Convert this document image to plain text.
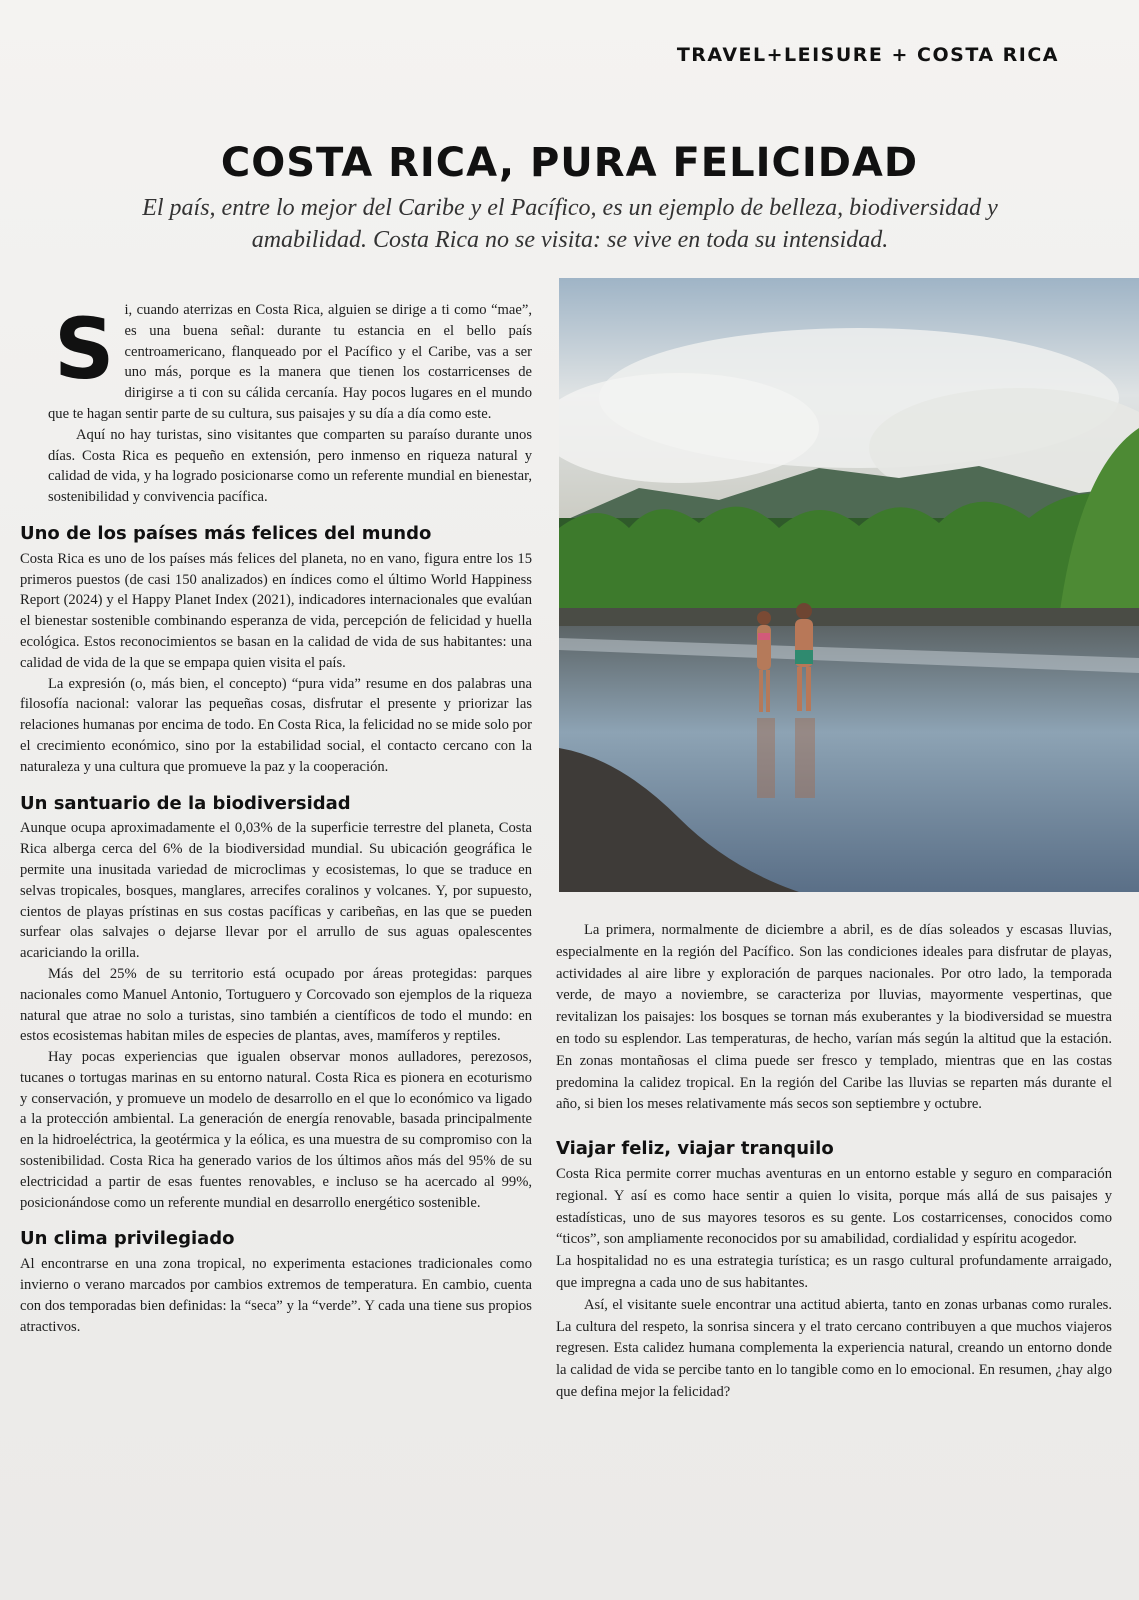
TRAVEL+LEISURE + COSTA RICA
COSTA RICA, PURA FELICIDAD

El país, entre lo mejor del Caribe y el Pacífico, es un ejemplo de belleza, biodiversidad y amabilidad. Costa Rica no se visita: se vive en toda su intensidad.

S i, cuando aterrizas en Costa Rica, alguien se dirige a ti como “mae”, es una buena señal: durante tu estancia en el bello país centroamericano, flanqueado por el Pacífico y el Caribe, vas a ser uno más, porque es la manera que tienen los costarricenses de dirigirse a ti con su cálida cercanía. Hay pocos lugares en el mundo que te hagan sentir parte de su cultura, sus paisajes y su día a día como este.

Aquí no hay turistas, sino visitantes que comparten su paraíso durante unos días. Costa Rica es pequeño en extensión, pero inmenso en riqueza natural y calidad de vida, y ha logrado posicionarse como un referente mundial en bienestar, sostenibilidad y convivencia pacífica.

Uno de los países más felices del mundo

Costa Rica es uno de los países más felices del planeta, no en vano, figura entre los 15 primeros puestos (de casi 150 analizados) en índices como el último World Happiness Report (2024) y el Happy Planet Index (2021), indicadores internacionales que evalúan el bienestar sostenible combinando esperanza de vida, percepción de felicidad y huella ecológica. Estos reconocimientos se basan en la calidad de vida de sus habitantes: una calidad de vida de la que se empapa quien visita el país.

La expresión (o, más bien, el concepto) “pura vida” resume en dos palabras una filosofía nacional: valorar las pequeñas cosas, disfrutar el presente y priorizar las relaciones humanas por encima de todo. En Costa Rica, la felicidad no se mide solo por el crecimiento económico, sino por la estabilidad social, el contacto cercano con la naturaleza y una cultura que promueve la paz y la cooperación.

Un santuario de la biodiversidad

Aunque ocupa aproximadamente el 0,03% de la superficie terrestre del planeta, Costa Rica alberga cerca del 6% de la biodiversidad mundial. Su ubicación geográfica le permite una inusitada variedad de microclimas y ecosistemas, lo que se traduce en selvas tropicales, bosques, manglares, arrecifes coralinos y volcanes. Y, por supuesto, cientos de playas prístinas en sus costas pacíficas y caribeñas, en las que se pueden surfear olas salvajes o dejarse llevar por el arrullo de sus aguas opalescentes acariciando la orilla.

Más del 25% de su territorio está ocupado por áreas protegidas: parques nacionales como Manuel Antonio, Tortuguero y Corcovado son ejemplos de la riqueza natural que atrae no solo a turistas, sino también a científicos de todo el mundo: en estos ecosistemas habitan miles de especies de plantas, aves, mamíferos y reptiles.

Hay pocas experiencias que igualen observar monos aulladores, perezosos, tucanes o tortugas marinas en su entorno natural. Costa Rica es pionera en ecoturismo y conservación, y promueve un modelo de desarrollo en el que lo económico va ligado a la protección ambiental. La generación de energía renovable, basada principalmente en la hidroeléctrica, la geotérmica y la eólica, es una muestra de su compromiso con la sostenibilidad. Costa Rica ha generado varios de los últimos años más del 95% de su electricidad a partir de esas fuentes renovables, e incluso se ha acercado al 99%, posicionándose como un referente mundial en desarrollo energético sostenible.

Un clima privilegiado

Al encontrarse en una zona tropical, no experimenta estaciones tradicionales como invierno o verano marcados por cambios extremos de temperatura. En cambio, cuenta con dos temporadas bien definidas: la “seca” y la “verde”. Y cada una tiene sus propios atractivos.

La primera, normalmente de diciembre a abril, es de días soleados y escasas lluvias, especialmente en la región del Pacífico. Son las condiciones ideales para disfrutar de playas, actividades al aire libre y exploración de parques nacionales. Por otro lado, la temporada verde, de mayo a noviembre, se caracteriza por lluvias, mayormente vespertinas, que revitalizan los paisajes: los bosques se tornan más exuberantes y la biodiversidad se muestra en todo su esplendor. Las temperaturas, de hecho, varían más según la altitud que la estación. En zonas montañosas el clima puede ser fresco y templado, mientras que en las costas predomina la calidez tropical. En la región del Caribe las lluvias se reparten más durante el año, si bien los meses relativamente más secos son septiembre y octubre.

Viajar feliz, viajar tranquilo

Costa Rica permite correr muchas aventuras en un entorno estable y seguro en comparación regional. Y así es como hace sentir a quien lo visita, porque más allá de sus paisajes y estadísticas, uno de sus mayores tesoros es su gente. Los costarricenses, conocidos como “ticos”, son ampliamente reconocidos por su amabilidad, cordialidad y espíritu acogedor.

La hospitalidad no es una estrategia turística; es un rasgo cultural profundamente arraigado, que impregna a cada uno de sus habitantes.

Así, el visitante suele encontrar una actitud abierta, tanto en zonas urbanas como rurales. La cultura del respeto, la sonrisa sincera y el trato cercano contribuyen a que muchos viajeros regresen. Esta calidez humana complementa la experiencia natural, creando un entorno donde la calidad de vida se percibe tanto en lo tangible como en lo emocional. En resumen, ¿hay algo que defina mejor la felicidad?
